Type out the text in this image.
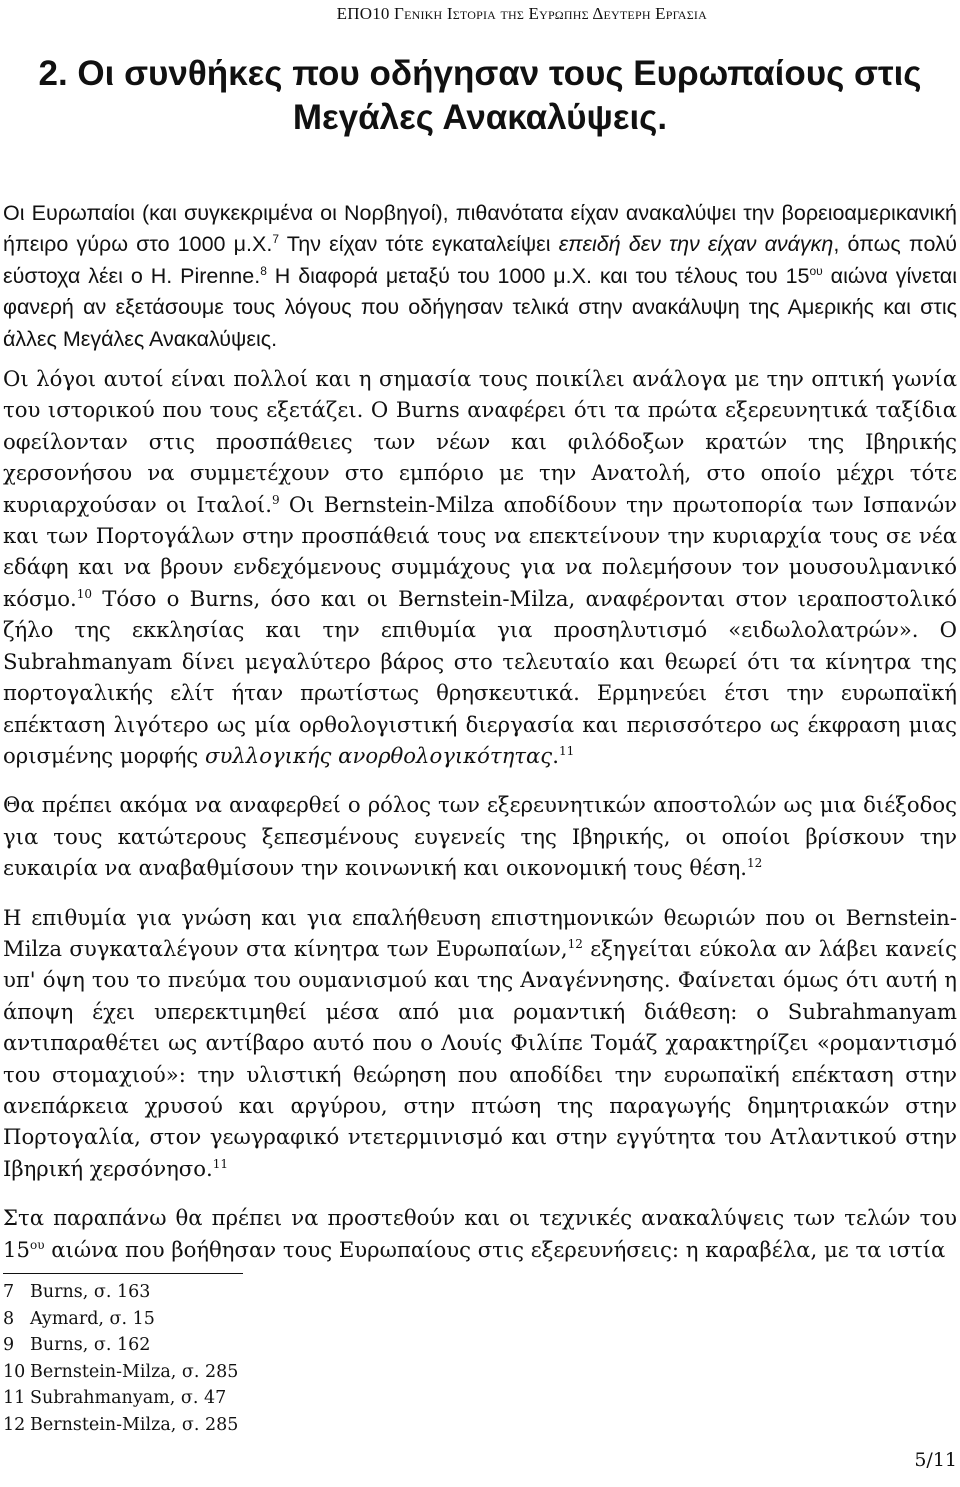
ΕΠΟ10 Γενικη Ιστορια της Ευρωπης Δευτερη Εργασια
2. Οι συνθήκες που οδήγησαν τους Ευρωπαίους στις
Μεγάλες Ανακαλύψεις.

Οι Ευρωπαίοι (και συγκεκριμένα οι Νορβηγοί), πιθανότατα είχαν ανακαλύψει την βορειοαμερικανική ήπειρο γύρω στο 1000 μ.Χ.$^7$ Την είχαν τότε εγκαταλείψει επειδή δεν την είχαν ανάγκη, όπως πολύ εύστοχα λέει ο Η. Pirenne.$^8$ Η διαφορά μεταξύ του 1000 μ.Χ. και του τέλους του $15^{o\upsilon}$ αιώνα γίνεται φανερή αν εξετάσουμε τους λόγους που οδήγησαν τελικά στην ανακάλυψη της Αμερικής και στις άλλες Μεγάλες Ανακαλύψεις.

Οι λόγοι αυτοί είναι πολλοί και η σημασία τους ποικίλει ανάλογα με την οπτική γωνία του ιστορικού που τους εξετάζει. Ο Burns αναφέρει ότι τα πρώτα εξερευνητικά ταξίδια οφείλονταν στις προσπάθειες των νέων και φιλόδοξων κρατών της Ιβηρικής χερσονήσου να συμμετέχουν στο εμπόριο με την Ανατολή, στο οποίο μέχρι τότε κυριαρχούσαν οι Ιταλοί.$^9$ Οι Bernstein-Milza αποδίδουν την πρωτοπορία των Ισπανών και των Πορτογάλων στην προσπάθειά τους να επεκτείνουν την κυριαρχία τους σε νέα εδάφη και να βρουν ενδεχόμενους συμμάχους για να πολεμήσουν τον μουσουλμανικό κόσμο.$^{10}$ Τόσο ο Burns, όσο και οι Bernstein-Milza, αναφέρονται στον ιεραποστολικό ζήλο της εκκλησίας και την επιθυμία για προσηλυτισμό «ειδωλολατρών». Ο Subrahmanyam δίνει μεγαλύτερο βάρος στο τελευταίο και θεωρεί ότι τα κίνητρα της πορτογαλικής ελίτ ήταν πρωτίστως θρησκευτικά. Ερμηνεύει έτσι την ευρωπαϊκή επέκταση λιγότερο ως μία ορθολογιστική διεργασία και περισσότερο ως έκφραση μιας ορισμένης μορφής συλλογικής ανορθολογικότητας.$^{11}$

Θα πρέπει ακόμα να αναφερθεί ο ρόλος των εξερευνητικών αποστολών ως μια διέξοδος για τους κατώτερους ξεπεσμένους ευγενείς της Ιβηρικής, οι οποίοι βρίσκουν την ευκαιρία να αναβαθμίσουν την κοινωνική και οικονομική τους θέση.$^{12}$

Η επιθυμία για γνώση και για επαλήθευση επιστημονικών θεωριών που οι Bernstein-Milza συγκαταλέγουν στα κίνητρα των Ευρωπαίων,$^{12}$ εξηγείται εύκολα αν λάβει κανείς υπ' όψη του το πνεύμα του ουμανισμού και της Αναγέννησης. Φαίνεται όμως ότι αυτή η άποψη έχει υπερεκτιμηθεί μέσα από μια ρομαντική διάθεση: ο Subrahmanyam αντιπαραθέτει ως αντίβαρο αυτό που ο Λουίς Φιλίπε Τομάζ χαρακτηρίζει «ρομαντισμό του στομαχιού»: την υλιστική θεώρηση που αποδίδει την ευρωπαϊκή επέκταση στην ανεπάρκεια χρυσού και αργύρου, στην πτώση της παραγωγής δημητριακών στην Πορτογαλία, στον γεωγραφικό ντετερμινισμό και στην εγγύτητα του Ατλαντικού στην Ιβηρική χερσόνησο.$^{11}$

Στα παραπάνω θα πρέπει να προστεθούν και οι τεχνικές ανακαλύψεις των τελών του $15^{o\upsilon}$ αιώνα που βοήθησαν τους Ευρωπαίους στις εξερευνήσεις: η καραβέλα, με τα ιστία

7 Burns, σ. 163
8 Aymard, σ. 15
9 Burns, σ. 162
10 Bernstein-Milza, σ. 285
11 Subrahmanyam, σ. 47
12 Bernstein-Milza, σ. 285
5/11
